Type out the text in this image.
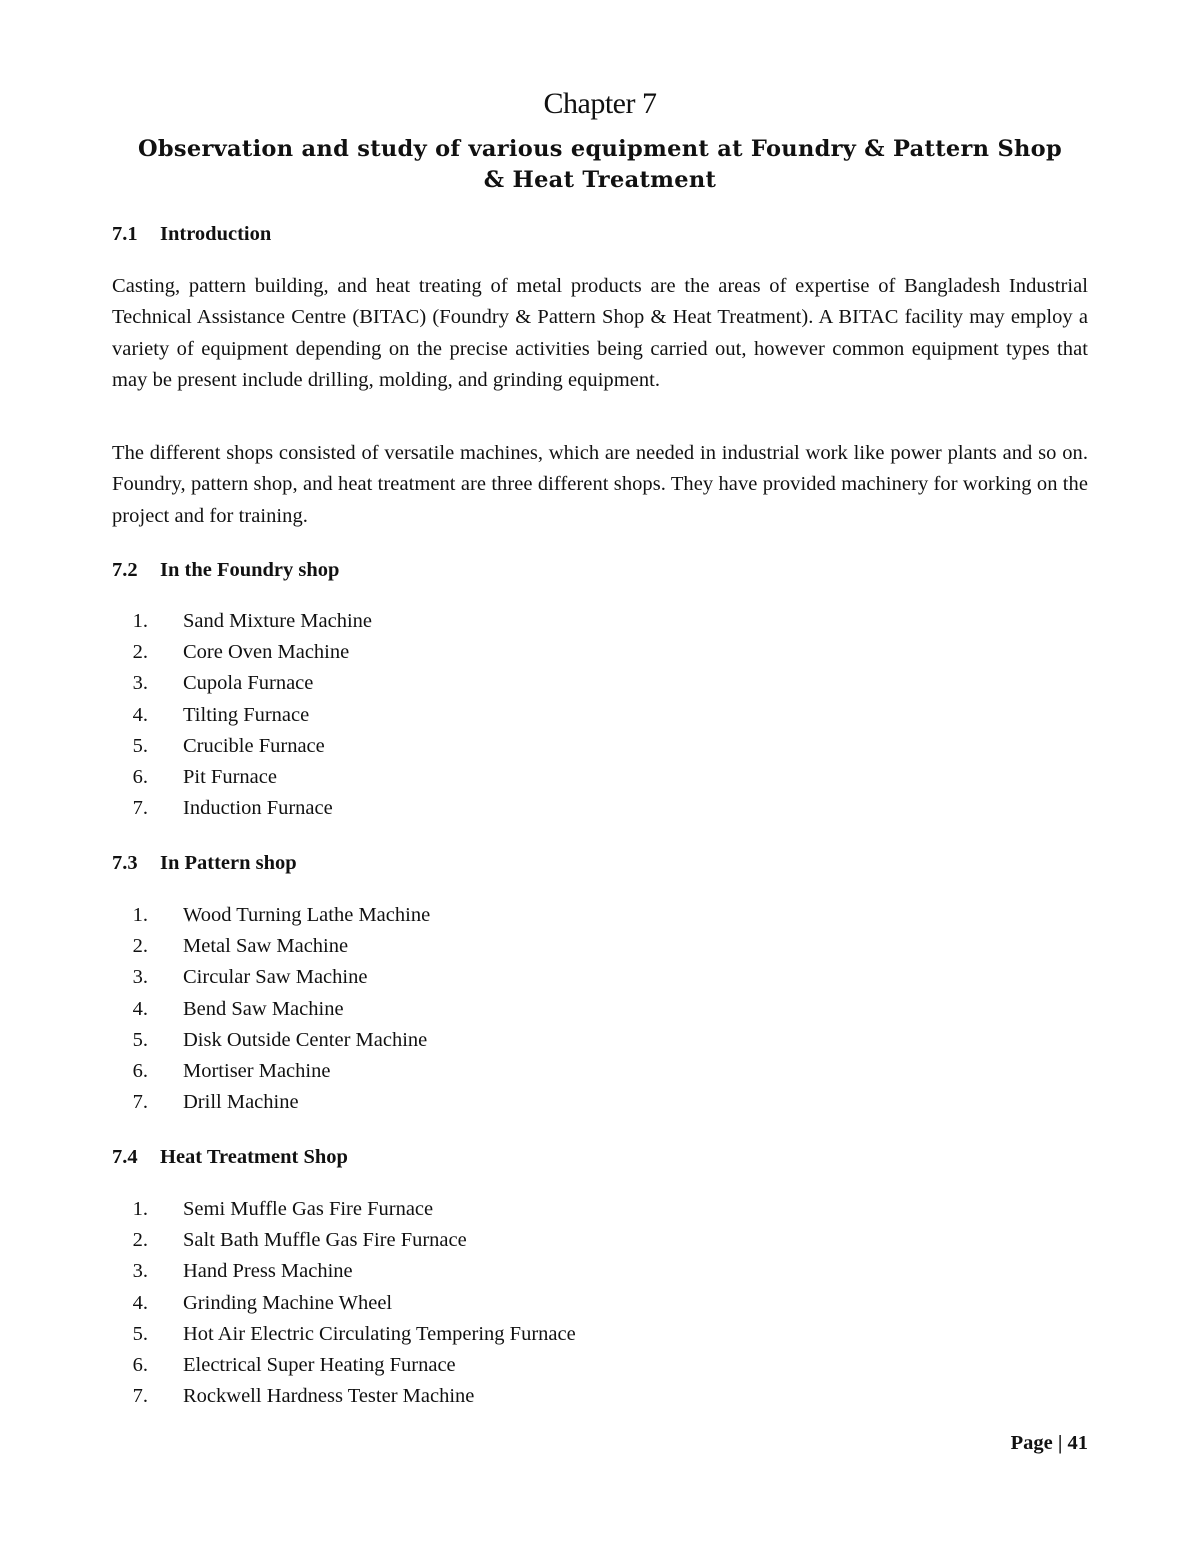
Chapter 7
Observation and study of various equipment at Foundry & Pattern Shop
& Heat Treatment
7.1 Introduction

Casting, pattern building, and heat treating of metal products are the areas of expertise of Bangladesh Industrial Technical Assistance Centre (BITAC) (Foundry & Pattern Shop & Heat Treatment). A BITAC facility may employ a variety of equipment depending on the precise activities being carried out, however common equipment types that may be present include drilling, molding, and grinding equipment.

The different shops consisted of versatile machines, which are needed in industrial work like power plants and so on. Foundry, pattern shop, and heat treatment are three different shops. They have provided machinery for working on the project and for training.

7.2 In the Foundry shop
1. Sand Mixture Machine
2. Core Oven Machine
3. Cupola Furnace
4. Tilting Furnace
5. Crucible Furnace
6. Pit Furnace
7. Induction Furnace
7.3 In Pattern shop
1. Wood Turning Lathe Machine
2. Metal Saw Machine
3. Circular Saw Machine
4. Bend Saw Machine
5. Disk Outside Center Machine
6. Mortiser Machine
7. Drill Machine
7.4 Heat Treatment Shop
1. Semi Muffle Gas Fire Furnace
2. Salt Bath Muffle Gas Fire Furnace
3. Hand Press Machine
4. Grinding Machine Wheel
5. Hot Air Electric Circulating Tempering Furnace
6. Electrical Super Heating Furnace
7. Rockwell Hardness Tester Machine
Page | 41
